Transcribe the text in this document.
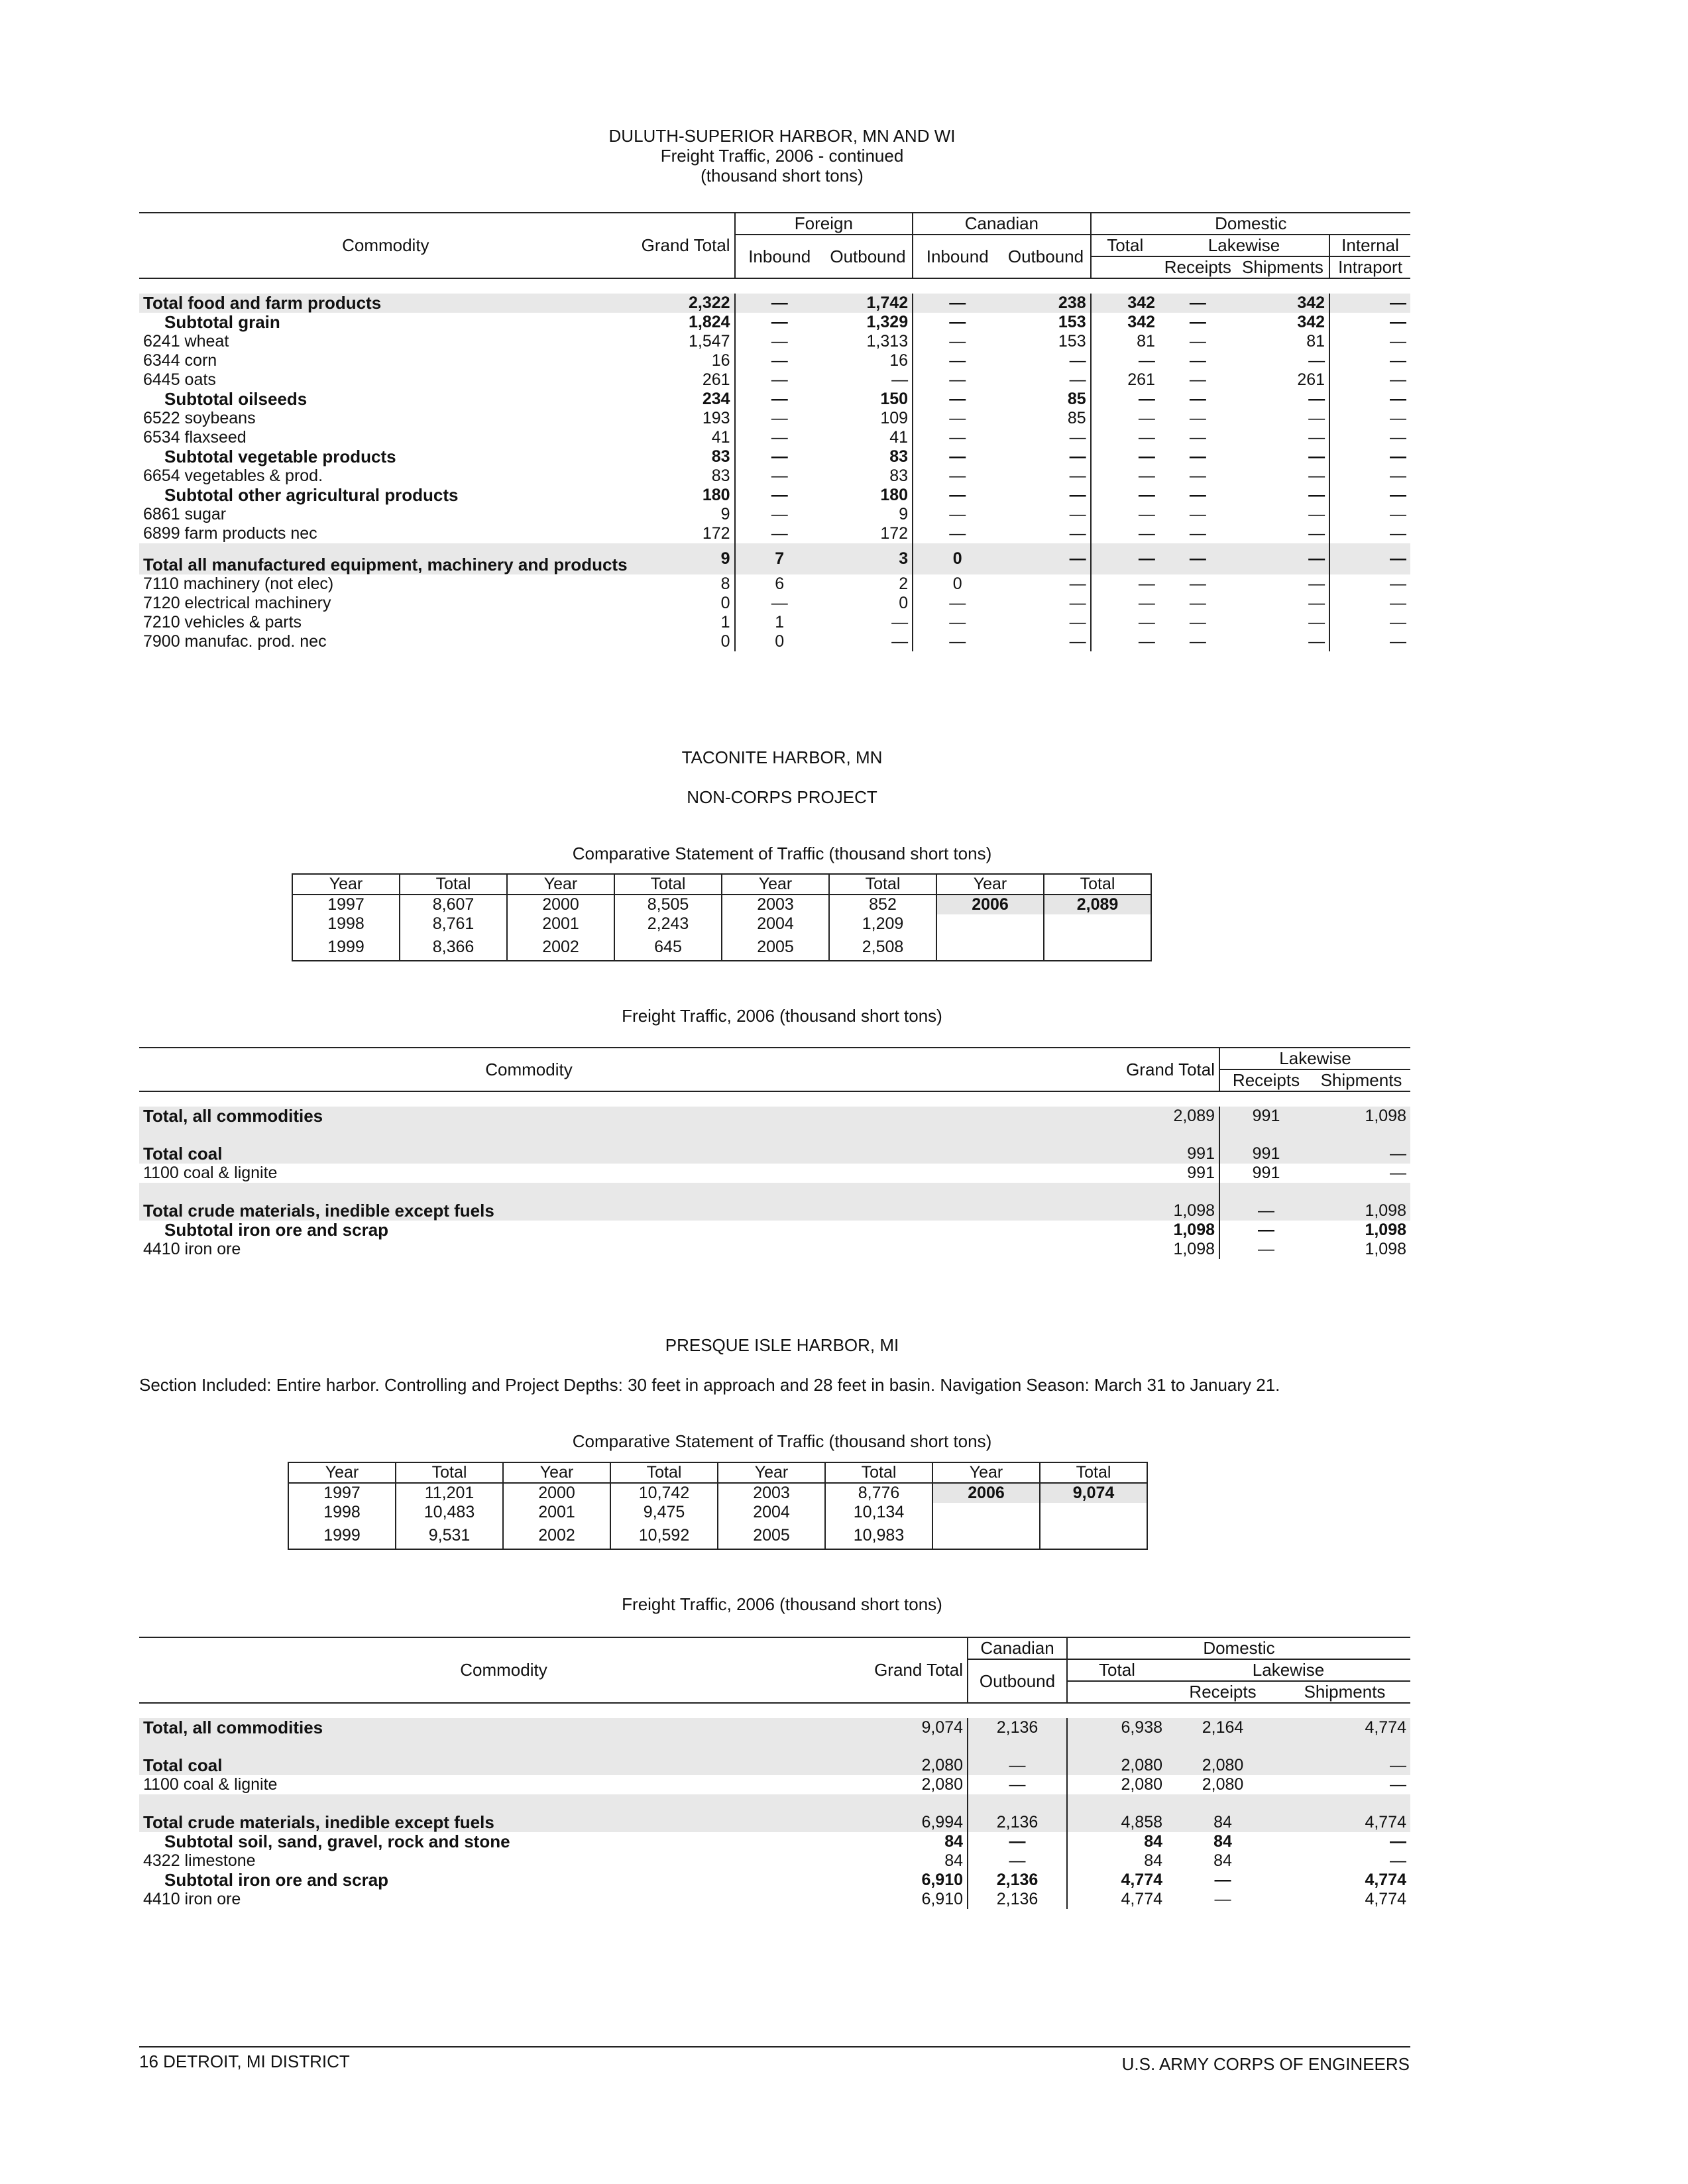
DULUTH-SUPERIOR HARBOR, MN AND WI
Freight Traffic, 2006 - continued
(thousand short tons)
Commodity	Grand Total	Foreign		Canadian		Domestic			
		Inbound	Outbound	Inbound	Outbound	Total	Lakewise		Internal
							Receipts	Shipments	Intraport

Total food and farm products	2,322	—	1,742	—	238	342	—	342	—
Subtotal grain	1,824	—	1,329	—	153	342	—	342	—
6241 wheat	1,547	—	1,313	—	153	81	—	81	—
6344 corn	16	—	16	—	—	—	—	—	—
6445 oats	261	—	—	—	—	261	—	261	—
Subtotal oilseeds	234	—	150	—	85	—	—	—	—
6522 soybeans	193	—	109	—	85	—	—	—	—
6534 flaxseed	41	—	41	—	—	—	—	—	—
Subtotal vegetable products	83	—	83	—	—	—	—	—	—
6654 vegetables & prod.	83	—	83	—	—	—	—	—	—
Subtotal other agricultural products	180	—	180	—	—	—	—	—	—
6861 sugar	9	—	9	—	—	—	—	—	—
6899 farm products nec	172	—	172	—	—	—	—	—	—
Total all manufactured equipment, machinery and products	9	7	3	0	—	—	—	—	—
7110 machinery (not elec)	8	6	2	0	—	—	—	—	—
7120 electrical machinery	0	—	0	—	—	—	—	—	—
7210 vehicles & parts	1	1	—	—	—	—	—	—	—
7900 manufac. prod. nec	0	0	—	—	—	—	—	—	—
TACONITE HARBOR, MN
NON-CORPS PROJECT
Comparative Statement of Traffic (thousand short tons)
Year	Total	Year	Total	Year	Total	Year	Total
1997	8,607	2000	8,505	2003	852	2006	2,089
1998	8,761	2001	2,243	2004	1,209		
1999	8,366	2002	645	2005	2,508		
Freight Traffic, 2006 (thousand short tons)
Commodity	Grand Total	Lakewise	
		Receipts	Shipments

Total, all commodities	2,089	991	1,098
Total coal	991	991	—
1100 coal & lignite	991	991	—
Total crude materials, inedible except fuels	1,098	—	1,098
Subtotal iron ore and scrap	1,098	—	1,098
4410 iron ore	1,098	—	1,098
PRESQUE ISLE HARBOR, MI
Section Included: Entire harbor. Controlling and Project Depths: 30 feet in approach and 28 feet in basin. Navigation Season: March 31 to January 21.
Comparative Statement of Traffic (thousand short tons)
Year	Total	Year	Total	Year	Total	Year	Total
1997	11,201	2000	10,742	2003	8,776	2006	9,074
1998	10,483	2001	9,475	2004	10,134		
1999	9,531	2002	10,592	2005	10,983		
Freight Traffic, 2006 (thousand short tons)
Commodity	Grand Total	Canadian	Domestic		
		Outbound	Total	Lakewise	
				Receipts	Shipments

Total, all commodities	9,074	2,136	6,938	2,164	4,774
Total coal	2,080	—	2,080	2,080	—
1100 coal & lignite	2,080	—	2,080	2,080	—
Total crude materials, inedible except fuels	6,994	2,136	4,858	84	4,774
Subtotal soil, sand, gravel, rock and stone	84	—	84	84	—
4322 limestone	84	—	84	84	—
Subtotal iron ore and scrap	6,910	2,136	4,774	—	4,774
4410 iron ore	6,910	2,136	4,774	—	4,774
16 DETROIT, MI DISTRICT	U.S. ARMY CORPS OF ENGINEERS
